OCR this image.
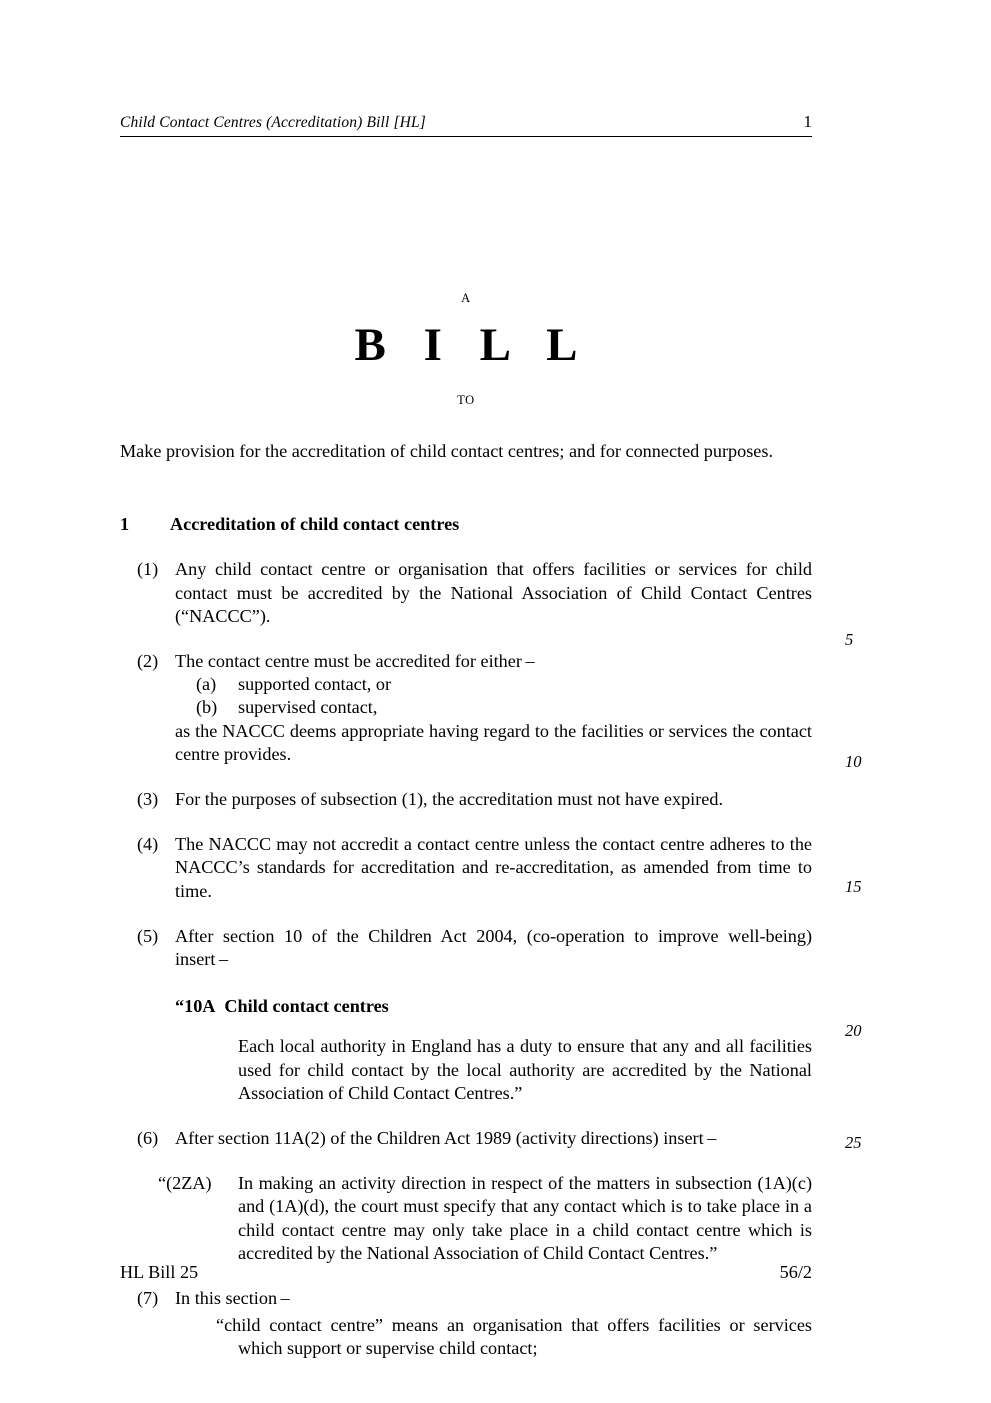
Child Contact Centres (Accreditation) Bill [HL]	1
A
B I L L
TO

Make provision for the accreditation of child contact centres; and for connected purposes.

1	Accreditation of child contact centres
(1) Any child contact centre or organisation that offers facilities or services for child contact must be accredited by the National Association of Child Contact Centres (“NACCC”).
(2) The contact centre must be accredited for either –
(a)	supported contact, or
(b)	supervised contact,
as the NACCC deems appropriate having regard to the facilities or services the contact centre provides.
(3) For the purposes of subsection (1), the accreditation must not have expired.
(4) The NACCC may not accredit a contact centre unless the contact centre adheres to the NACCC’s standards for accreditation and re-accreditation, as amended from time to time.
(5) After section 10 of the Children Act 2004, (co-operation to improve well-being) insert –
“10A Child contact centres
Each local authority in England has a duty to ensure that any and all facilities used for child contact by the local authority are accredited by the National Association of Child Contact Centres.”
(6) After section 11A(2) of the Children Act 1989 (activity directions) insert –
“(2ZA)	In making an activity direction in respect of the matters in subsection (1A)(c) and (1A)(d), the court must specify that any contact which is to take place in a child contact centre may only take place in a child contact centre which is accredited by the National Association of Child Contact Centres.”
(7) In this section –
“child contact centre” means an organisation that offers facilities or services which support or supervise child contact;
5
10
15
20
25
HL Bill 25	56/2
